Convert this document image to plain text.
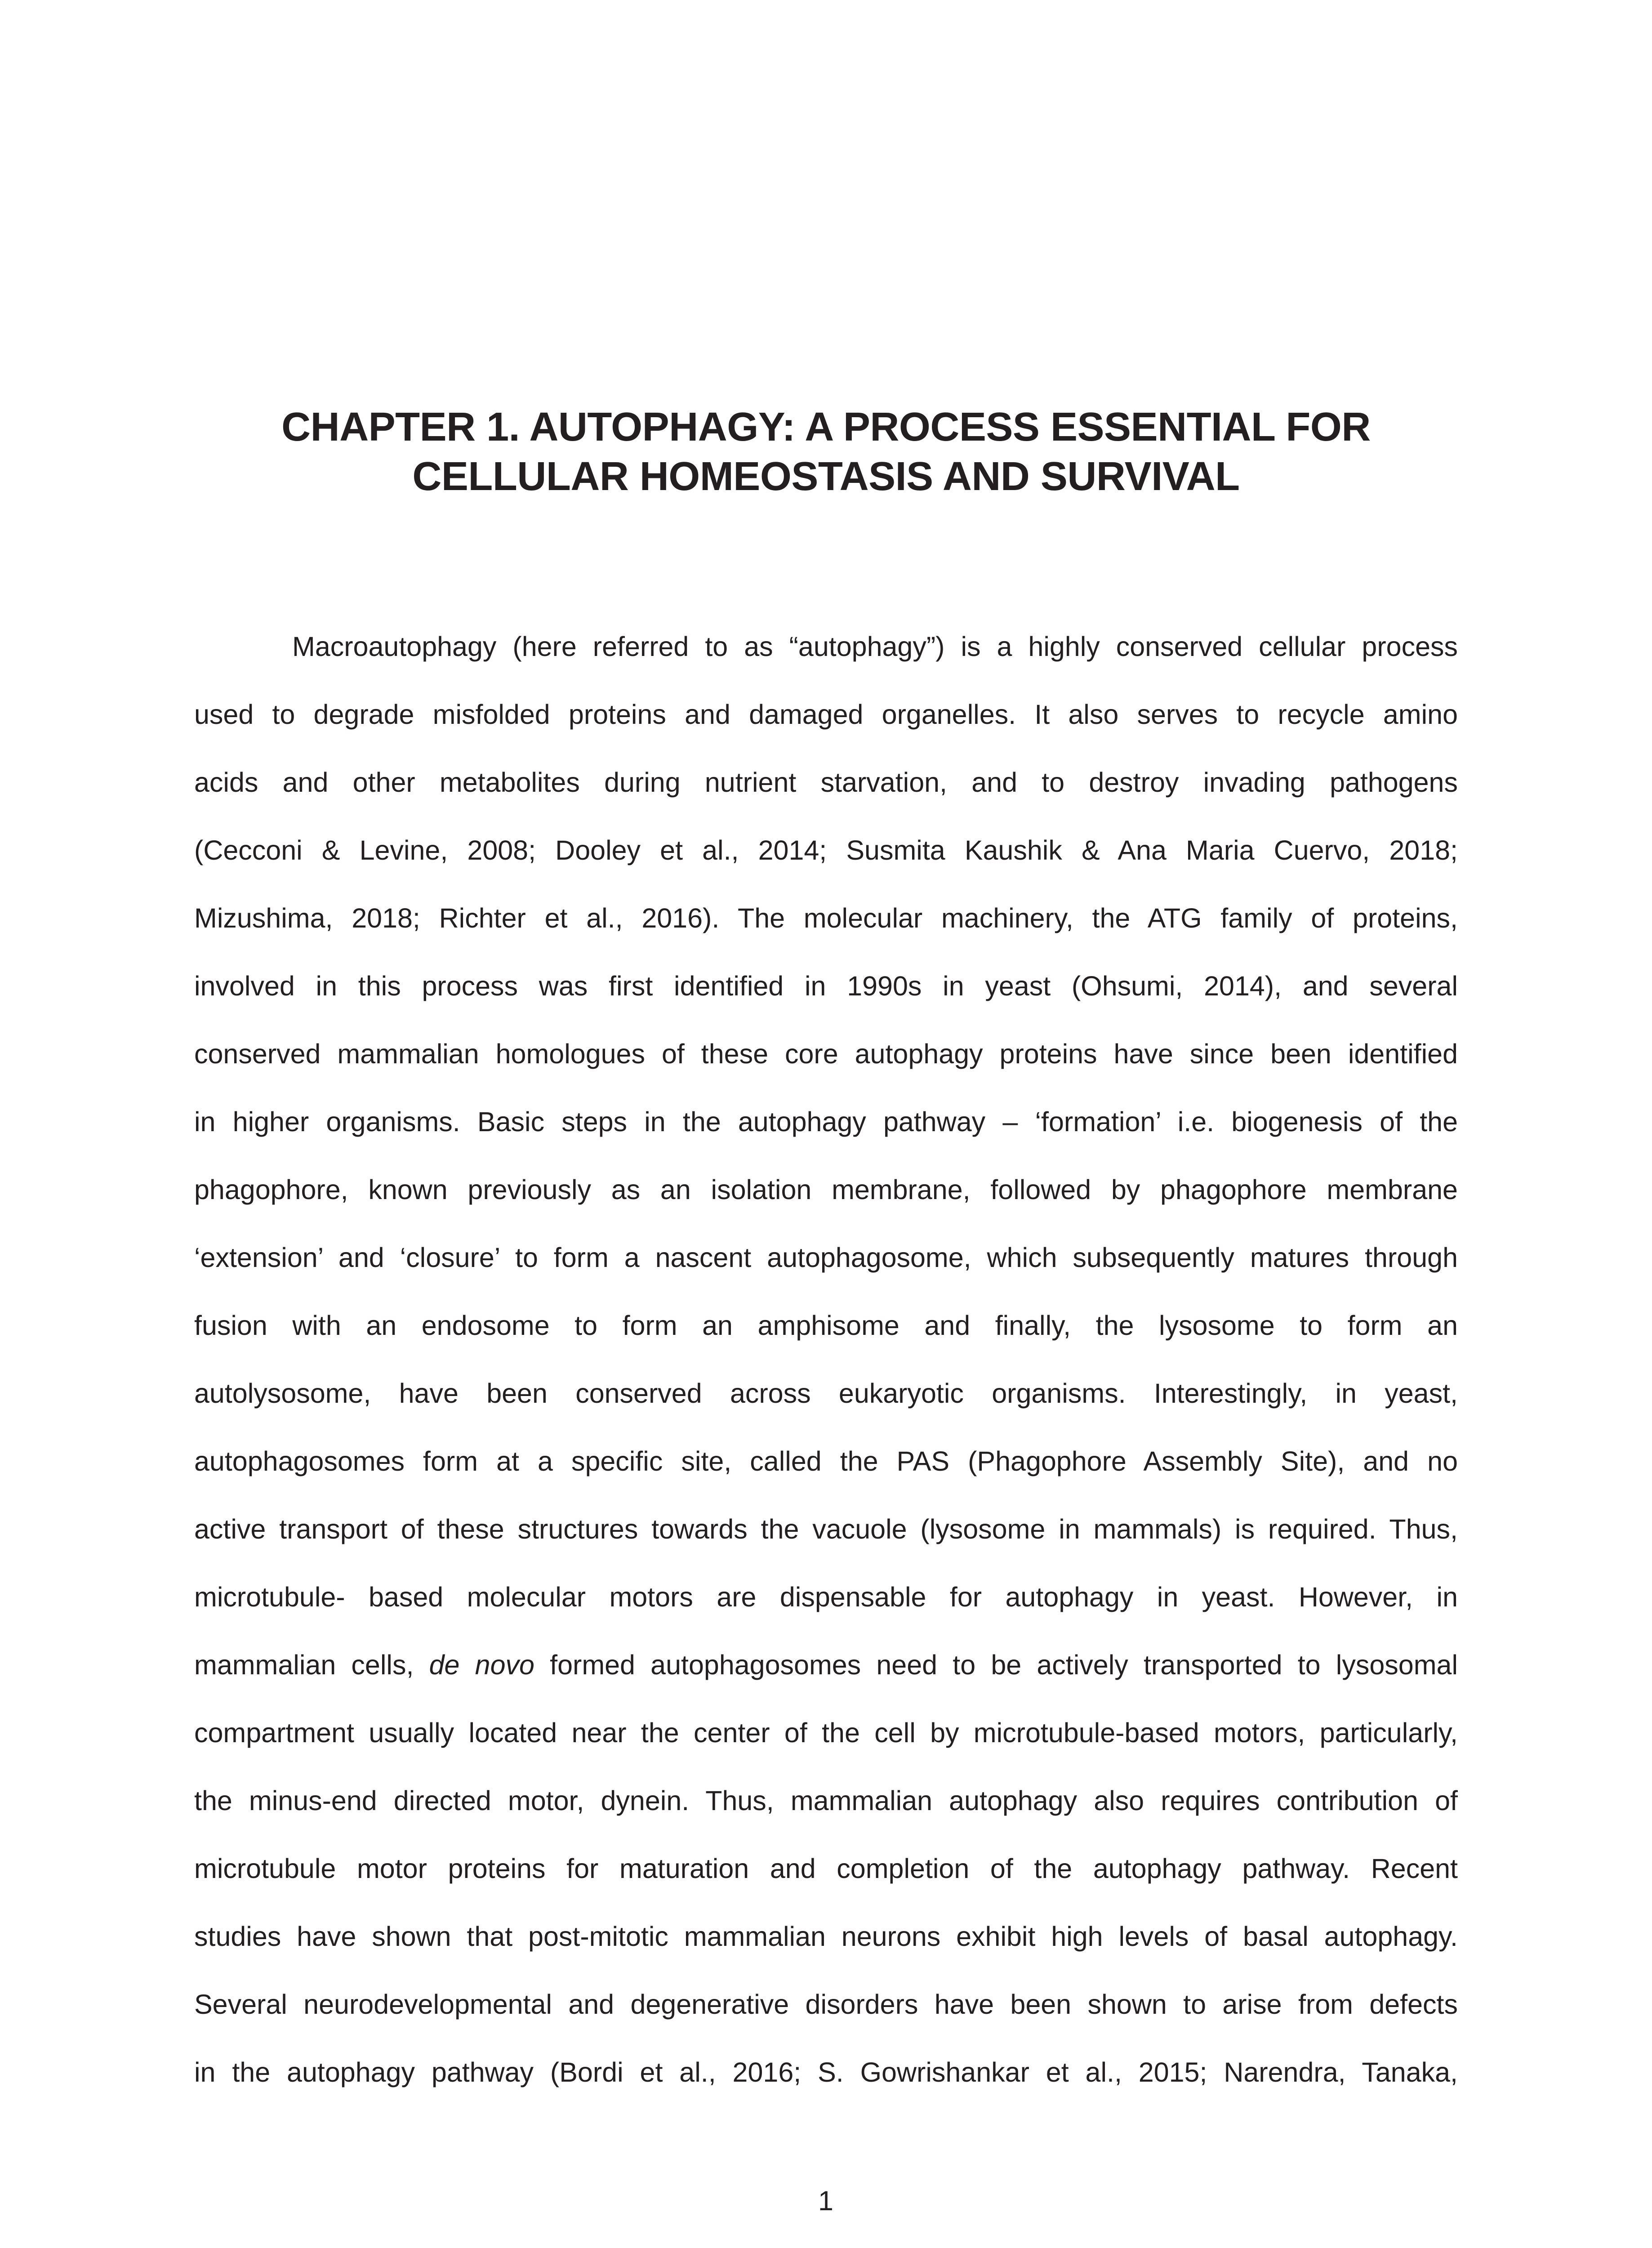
CHAPTER 1. AUTOPHAGY: A PROCESS ESSENTIAL FOR
CELLULAR HOMEOSTASIS AND SURVIVAL
Macroautophagy (here referred to as “autophagy”) is a highly conserved cellular process
used to degrade misfolded proteins and damaged organelles. It also serves to recycle amino
acids and other metabolites during nutrient starvation, and to destroy invading pathogens
(Cecconi & Levine, 2008; Dooley et al., 2014; Susmita Kaushik & Ana Maria Cuervo, 2018;
Mizushima, 2018; Richter et al., 2016). The molecular machinery, the ATG family of proteins,
involved in this process was first identified in 1990s in yeast (Ohsumi, 2014), and several
conserved mammalian homologues of these core autophagy proteins have since been identified
in higher organisms. Basic steps in the autophagy pathway – ‘formation’ i.e. biogenesis of the
phagophore, known previously as an isolation membrane, followed by phagophore membrane
‘extension’ and ‘closure’ to form a nascent autophagosome, which subsequently matures through
fusion with an endosome to form an amphisome and finally, the lysosome to form an
autolysosome, have been conserved across eukaryotic organisms. Interestingly, in yeast,
autophagosomes form at a specific site, called the PAS (Phagophore Assembly Site), and no
active transport of these structures towards the vacuole (lysosome in mammals) is required. Thus,
microtubule- based molecular motors are dispensable for autophagy in yeast. However, in
mammalian cells, de novo formed autophagosomes need to be actively transported to lysosomal
compartment usually located near the center of the cell by microtubule-based motors, particularly,
the minus-end directed motor, dynein. Thus, mammalian autophagy also requires contribution of
microtubule motor proteins for maturation and completion of the autophagy pathway. Recent
studies have shown that post-mitotic mammalian neurons exhibit high levels of basal autophagy.
Several neurodevelopmental and degenerative disorders have been shown to arise from defects
in the autophagy pathway (Bordi et al., 2016; S. Gowrishankar et al., 2015; Narendra, Tanaka,
1
